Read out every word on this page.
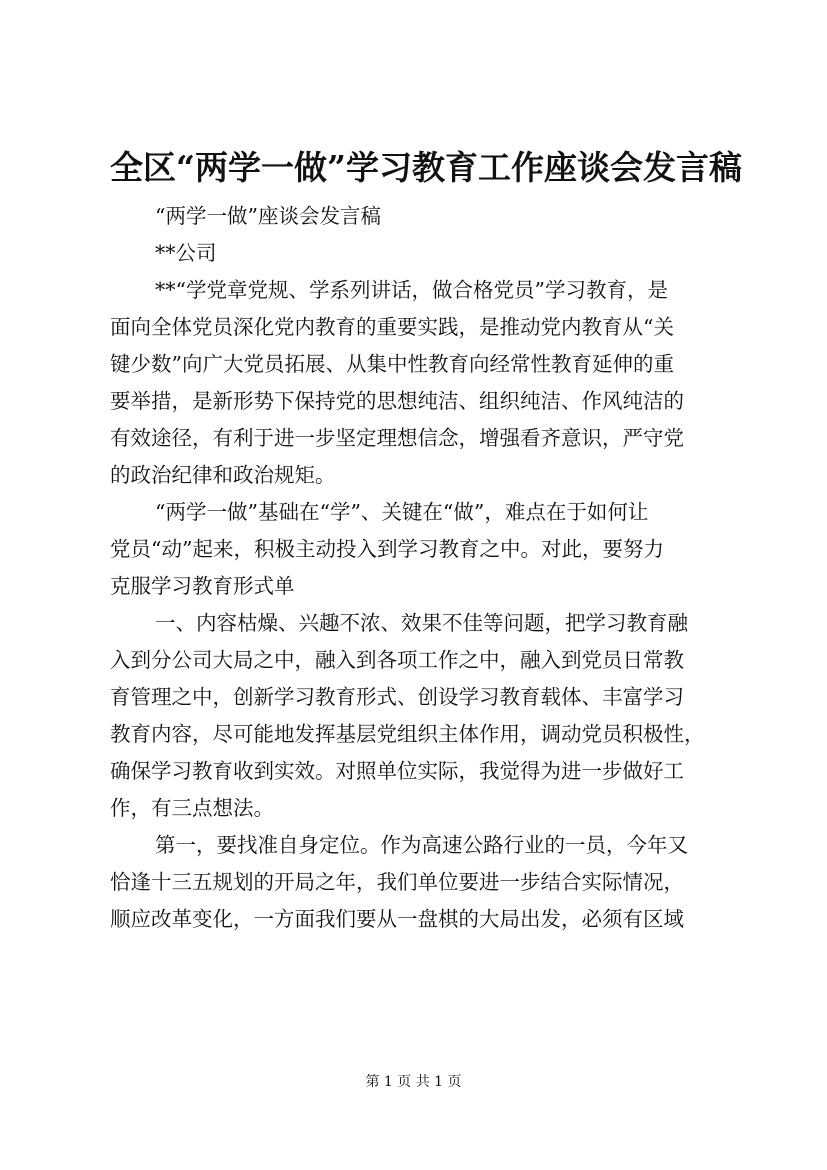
全区“两学一做”学习教育工作座谈会发言稿

“两学一做”座谈会发言稿

**公司

**“学党章党规、学系列讲话，做合格党员”学习教育，是
面向全体党员深化党内教育的重要实践，是推动党内教育从“关
键少数”向广大党员拓展、从集中性教育向经常性教育延伸的重
要举措，是新形势下保持党的思想纯洁、组织纯洁、作风纯洁的
有效途径，有利于进一步坚定理想信念，增强看齐意识，严守党
的政治纪律和政治规矩。

“两学一做”基础在“学”、关键在“做”，难点在于如何让
党员“动”起来，积极主动投入到学习教育之中。对此，要努力
克服学习教育形式单

一、内容枯燥、兴趣不浓、效果不佳等问题，把学习教育融
入到分公司大局之中，融入到各项工作之中，融入到党员日常教
育管理之中，创新学习教育形式、创设学习教育载体、丰富学习
教育内容，尽可能地发挥基层党组织主体作用，调动党员积极性，
确保学习教育收到实效。对照单位实际，我觉得为进一步做好工
作，有三点想法。

第一，要找准自身定位。作为高速公路行业的一员，今年又
恰逢十三五规划的开局之年，我们单位要进一步结合实际情况，
顺应改革变化，一方面我们要从一盘棋的大局出发，必须有区域

第 1 页 共 1 页
